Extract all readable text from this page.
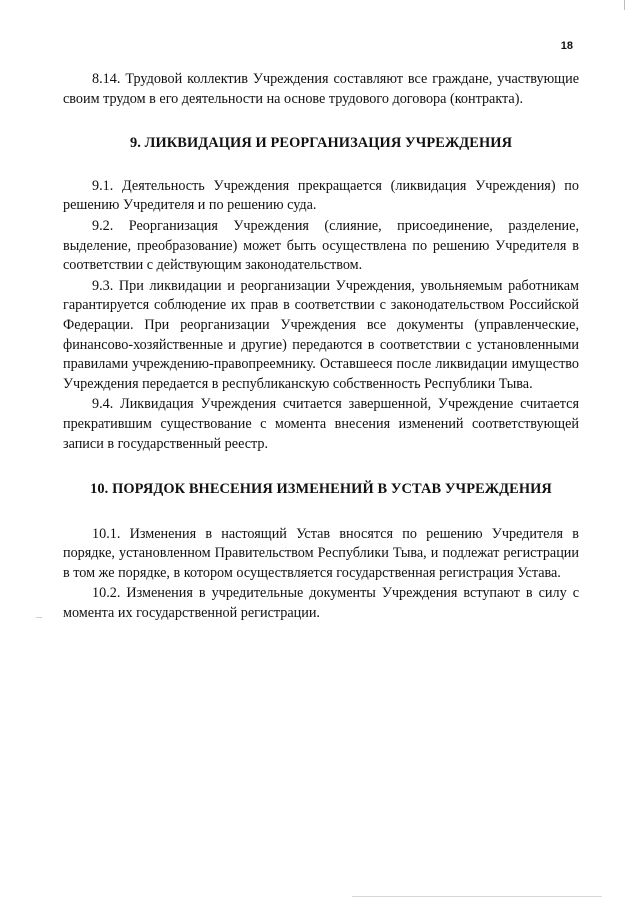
18

8.14. Трудовой коллектив Учреждения составляют все граждане, участвующие своим трудом в его деятельности на основе трудового договора (контракта).

9. ЛИКВИДАЦИЯ И РЕОРГАНИЗАЦИЯ УЧРЕЖДЕНИЯ

9.1. Деятельность Учреждения прекращается (ликвидация Учреждения) по решению Учредителя и по решению суда.

9.2. Реорганизация Учреждения (слияние, присоединение, разделение, выделение, преобразование) может быть осуществлена по решению Учредителя в соответствии с действующим законодательством.

9.3. При ликвидации и реорганизации Учреждения, увольняемым работникам гарантируется соблюдение их прав в соответствии с законодательством Российской Федерации. При реорганизации Учреждения все документы (управленческие, финансово-хозяйственные и другие) передаются в соответствии с установленными правилами учреждению-правопреемнику. Оставшееся после ликвидации имущество Учреждения передается в республиканскую собственность Республики Тыва.

9.4. Ликвидация Учреждения считается завершенной, Учреждение считается прекратившим существование с момента внесения изменений соответствующей записи в государственный реестр.

10. ПОРЯДОК ВНЕСЕНИЯ ИЗМЕНЕНИЙ В УСТАВ УЧРЕЖДЕНИЯ

10.1. Изменения в настоящий Устав вносятся по решению Учредителя в порядке, установленном Правительством Республики Тыва, и подлежат регистрации в том же порядке, в котором осуществляется государственная регистрация Устава.

10.2. Изменения в учредительные документы Учреждения вступают в силу с момента их государственной регистрации.
